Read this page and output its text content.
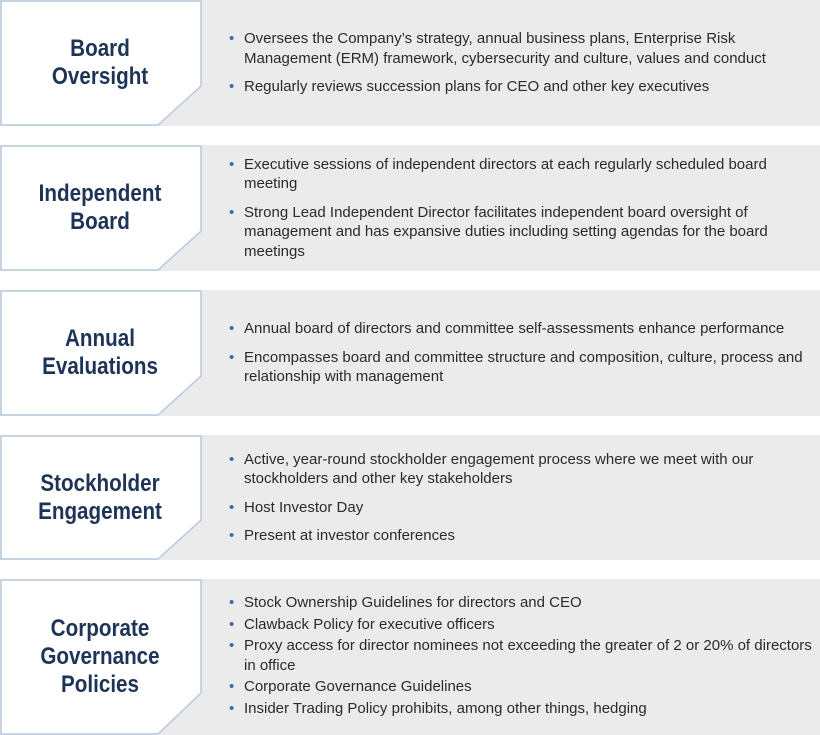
Board
Oversight
• Oversees the Company’s strategy, annual business plans, Enterprise Risk Management (ERM) framework, cybersecurity and culture, values and conduct
• Regularly reviews succession plans for CEO and other key executives
Independent
Board
• Executive sessions of independent directors at each regularly scheduled board meeting
• Strong Lead Independent Director facilitates independent board oversight of management and has expansive duties including setting agendas for the board meetings
Annual
Evaluations
• Annual board of directors and committee self-assessments enhance performance
• Encompasses board and committee structure and composition, culture, process and relationship with management
Stockholder
Engagement
• Active, year-round stockholder engagement process where we meet with our stockholders and other key stakeholders
• Host Investor Day
• Present at investor conferences
Corporate
Governance
Policies
• Stock Ownership Guidelines for directors and CEO
• Clawback Policy for executive officers
• Proxy access for director nominees not exceeding the greater of 2 or 20% of directors in office
• Corporate Governance Guidelines
• Insider Trading Policy prohibits, among other things, hedging
